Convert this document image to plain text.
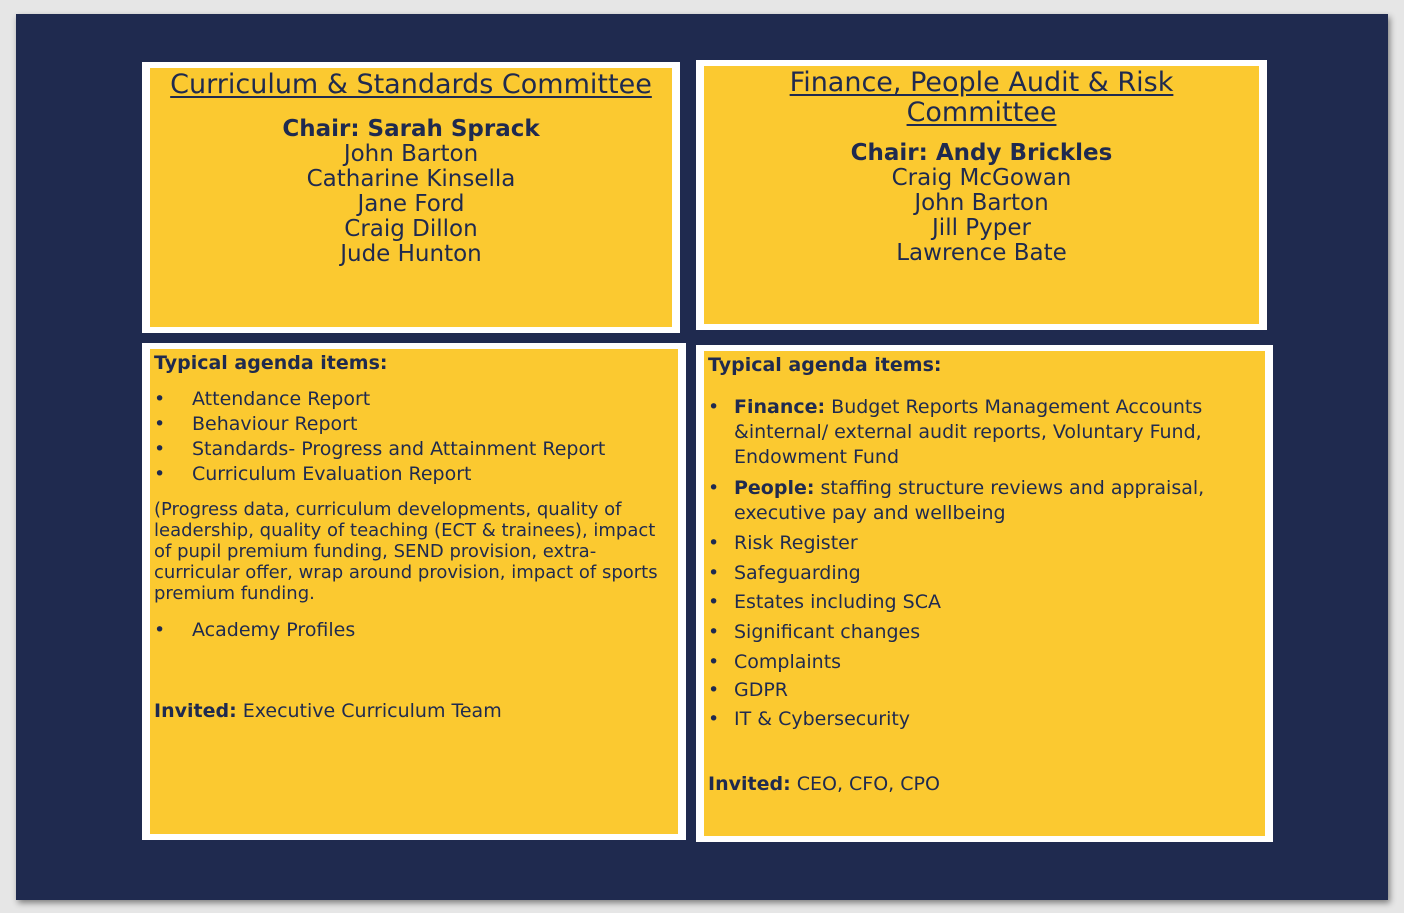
Curriculum & Standards Committee
Chair: Sarah Sprack
John Barton
Catharine Kinsella
Jane Ford
Craig Dillon
Jude Hunton
Finance, People Audit & Risk
Committee
Chair: Andy Brickles
Craig McGowan
John Barton
Jill Pyper
Lawrence Bate
Typical agenda items:
• Attendance Report
• Behaviour Report
• Standards- Progress and Attainment Report
• Curriculum Evaluation Report

(Progress data, curriculum developments, quality of leadership, quality of teaching (ECT & trainees), impact of pupil premium funding, SEND provision, extra-curricular offer, wrap around provision, impact of sports premium funding.

• Academy Profiles
Invited: Executive Curriculum Team
Typical agenda items:
• Finance: Budget Reports Management Accounts &internal/ external audit reports, Voluntary Fund, Endowment Fund
• People: staffing structure reviews and appraisal, executive pay and wellbeing
• Risk Register
• Safeguarding
• Estates including SCA
• Significant changes
• Complaints
• GDPR
• IT & Cybersecurity
Invited: CEO, CFO, CPO
